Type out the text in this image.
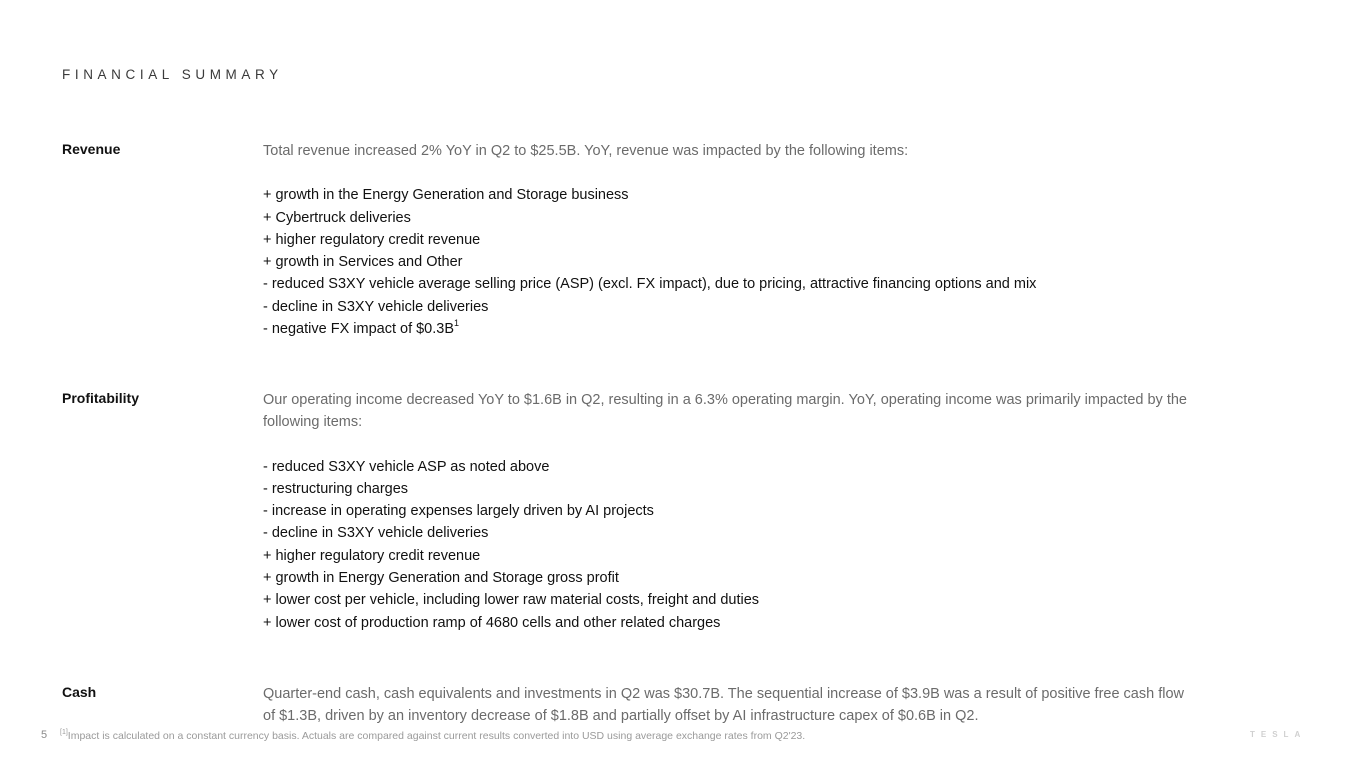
FINANCIAL SUMMARY
Revenue	Total revenue increased 2% YoY in Q2 to $25.5B. YoY, revenue was impacted by the following items:

+ growth in the Energy Generation and Storage business
+ Cybertruck deliveries
+ higher regulatory credit revenue
+ growth in Services and Other
- reduced S3XY vehicle average selling price (ASP) (excl. FX impact), due to pricing, attractive financing options and mix
- decline in S3XY vehicle deliveries
- negative FX impact of $\$0.3B^1$
Profitability	Our operating income decreased YoY to $1.6B in Q2, resulting in a 6.3% operating margin. YoY, operating income was primarily impacted by the following items:

- reduced S3XY vehicle ASP as noted above
- restructuring charges
- increase in operating expenses largely driven by AI projects
- decline in S3XY vehicle deliveries
+ higher regulatory credit revenue
+ growth in Energy Generation and Storage gross profit
+ lower cost per vehicle, including lower raw material costs, freight and duties
+ lower cost of production ramp of 4680 cells and other related charges
Cash	Quarter-end cash, cash equivalents and investments in Q2 was $30.7B. The sequential increase of $3.9B was a result of positive free cash flow of $1.3B, driven by an inventory decrease of $1.8B and partially offset by AI infrastructure capex of $0.6B in Q2.

5 [1]Impact is calculated on a constant currency basis. Actuals are compared against current results converted into USD using average exchange rates from Q2'23.	TESLA
